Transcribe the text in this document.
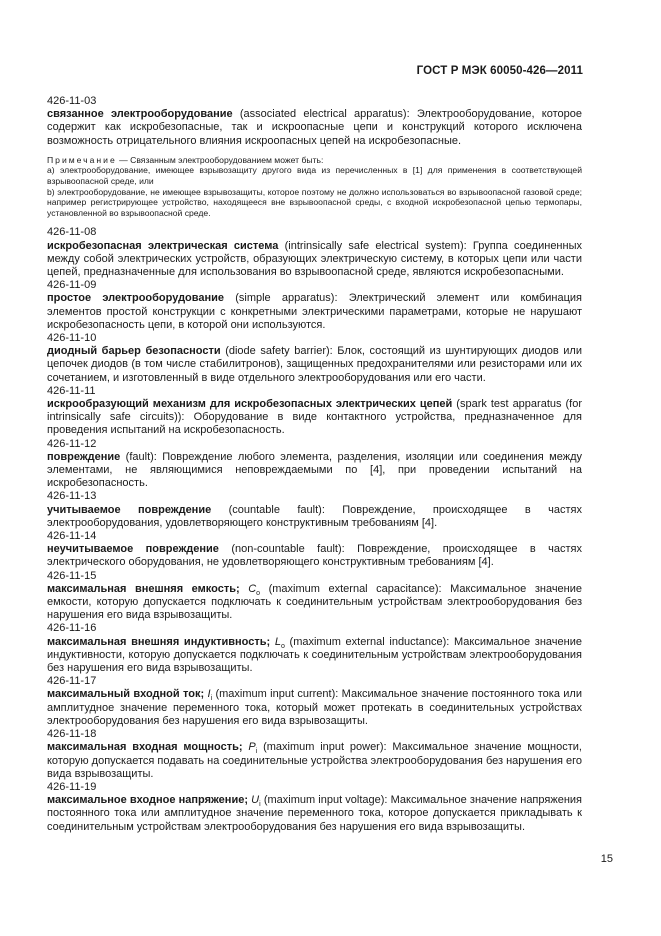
ГОСТ Р МЭК 60050-426—2011

426-11-03

связанное электрооборудование (associated electrical apparatus): Электрооборудование, которое содержит как искробезопасные, так и искроопасные цепи и конструкций которого исключена возможность отрицательного влияния искроопасных цепей на искробезопасные.

Примечание — Связанным электрооборудованием может быть:

a) электрооборудование, имеющее взрывозащиту другого вида из перечисленных в [1] для применения в соответствующей взрывоопасной среде, или

b) электрооборудование, не имеющее взрывозащиты, которое поэтому не должно использоваться во взрывоопасной газовой среде; например регистрирующее устройство, находящееся вне взрывоопасной среды, с входной искробезопасной цепью термопары, установленной во взрывоопасной среде.

426-11-08

искробезопасная электрическая система (intrinsically safe electrical system): Группа соединенных между собой электрических устройств, образующих электрическую систему, в которых цепи или части цепей, предназначенные для использования во взрывоопасной среде, являются искробезопасными.

426-11-09

простое электрооборудование (simple apparatus): Электрический элемент или комбинация элементов простой конструкции с конкретными электрическими параметрами, которые не нарушают искробезопасность цепи, в которой они используются.

426-11-10

диодный барьер безопасности (diode safety barrier): Блок, состоящий из шунтирующих диодов или цепочек диодов (в том числе стабилитронов), защищенных предохранителями или резисторами или их сочетанием, и изготовленный в виде отдельного электрооборудования или его части.

426-11-11

искрообразующий механизм для искробезопасных электрических цепей (spark test apparatus (for intrinsically safe circuits)): Оборудование в виде контактного устройства, предназначенное для проведения испытаний на искробезопасность.

426-11-12

повреждение (fault): Повреждение любого элемента, разделения, изоляции или соединения между элементами, не являющимися неповреждаемыми по [4], при проведении испытаний на искробезопасность.

426-11-13

учитываемое повреждение (countable fault): Повреждение, происходящее в частях электрооборудования, удовлетворяющего конструктивным требованиям [4].

426-11-14

неучитываемое повреждение (non-countable fault): Повреждение, происходящее в частях электрического оборудования, не удовлетворяющего конструктивным требованиям [4].

426-11-15

максимальная внешняя емкость; $C_o$ (maximum external capacitance): Максимальное значение емкости, которую допускается подключать к соединительным устройствам электрооборудования без нарушения его вида взрывозащиты.

426-11-16

максимальная внешняя индуктивность; $L_o$ (maximum external inductance): Максимальное значение индуктивности, которую допускается подключать к соединительным устройствам электрооборудования без нарушения его вида взрывозащиты.

426-11-17

максимальный входной ток; $I_i$ (maximum input current): Максимальное значение постоянного тока или амплитудное значение переменного тока, который может протекать в соединительных устройствах электрооборудования без нарушения его вида взрывозащиты.

426-11-18

максимальная входная мощность; $P_i$ (maximum input power): Максимальное значение мощности, которую допускается подавать на соединительные устройства электрооборудования без нарушения его вида взрывозащиты.

426-11-19

максимальное входное напряжение; $U_i$ (maximum input voltage): Максимальное значение напряжения постоянного тока или амплитудное значение переменного тока, которое допускается прикладывать к соединительным устройствам электрооборудования без нарушения его вида взрывозащиты.

15
